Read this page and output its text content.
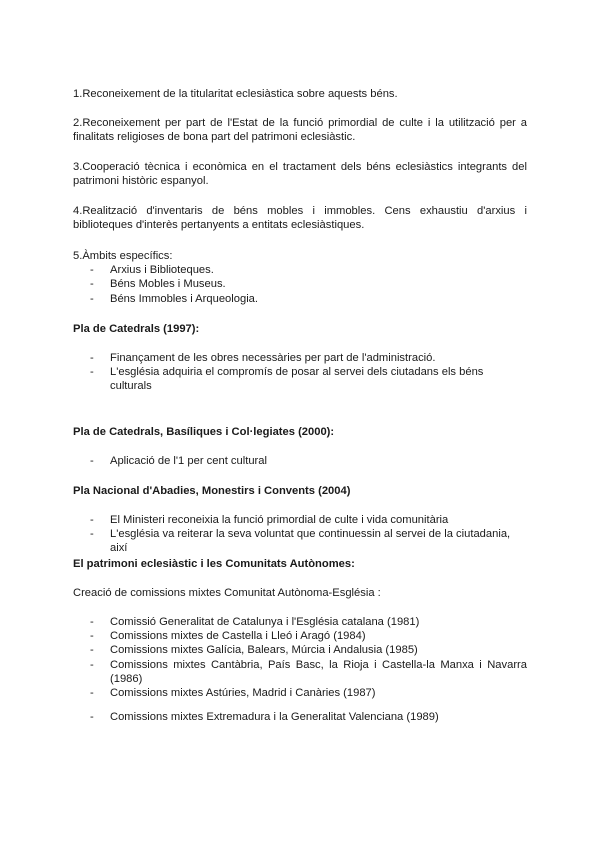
1.Reconeixement de la titularitat eclesiàstica sobre aquests béns.

2.Reconeixement per part de l'Estat de la funció primordial de culte i la utilització per a finalitats religioses de bona part del patrimoni eclesiàstic.

3.Cooperació tècnica i econòmica en el tractament dels béns eclesiàstics integrants del patrimoni històric espanyol.

4.Realització d'inventaris de béns mobles i immobles. Cens exhaustiu d'arxius i biblioteques d'interès pertanyents a entitats eclesiàstiques.

5.Àmbits específics:
- Arxius i Biblioteques.
- Béns Mobles i Museus.
- Béns Immobles i Arqueologia.
Pla de Catedrals (1997):
- Finançament de les obres necessàries per part de l'administració.
- L'església adquiria el compromís de posar al servei dels ciutadans els béns culturals
Pla de Catedrals, Basíliques i Col·legiates (2000):
- Aplicació de l'1 per cent cultural
Pla Nacional d'Abadies, Monestirs i Convents (2004)
- El Ministeri reconeixia la funció primordial de culte i vida comunitària
- L'església va reiterar la seva voluntat que continuessin al servei de la ciutadania, així
El patrimoni eclesiàstic i les Comunitats Autònomes:
Creació de comissions mixtes Comunitat Autònoma-Església :
- Comissió Generalitat de Catalunya i l'Església catalana (1981)
- Comissions mixtes de Castella i Lleó i Aragó (1984)
- Comissions mixtes Galícia, Balears, Múrcia i Andalusia (1985)
- Comissions mixtes Cantàbria, País Basc, la Rioja i Castella-la Manxa i Navarra (1986)
- Comissions mixtes Astúries, Madrid i Canàries (1987)
- Comissions mixtes Extremadura i la Generalitat Valenciana (1989)
